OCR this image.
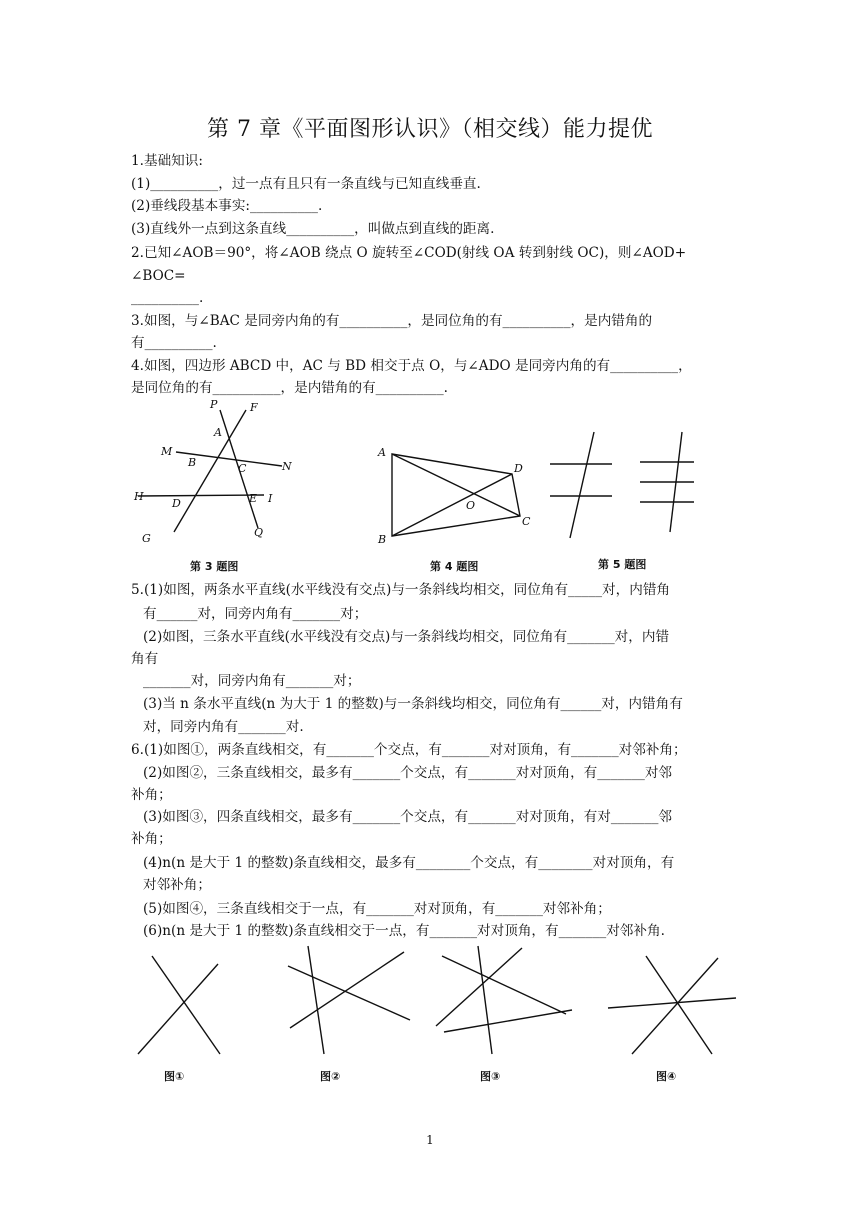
第 7 章《平面图形认识》（相交线）能力提优
1.基础知识:
(1)__________，过一点有且只有一条直线与已知直线垂直.
(2)垂线段基本事实:__________.
(3)直线外一点到这条直线__________，叫做点到直线的距离.
2.已知∠AOB＝90°，将∠AOB 绕点 O 旋转至∠COD(射线 OA 转到射线 OC)，则∠AOD+
∠BOC=
__________.
3.如图，与∠BAC 是同旁内角的有__________，是同位角的有__________，是内错角的
有__________.
4.如图，四边形 ABCD 中，AC 与 BD 相交于点 O，与∠ADO 是同旁内角的有__________，
是同位角的有__________，是内错角的有__________.
P	F
A
M
B	C	N
H
D	E I
G	Q
第 3 题图
A
D
O
C
B
第 4 题图	第 5 题图
5.(1)如图，两条水平直线(水平线没有交点)与一条斜线均相交，同位角有_____对，内错角
有______对，同旁内角有_______对；
(2)如图，三条水平直线(水平线没有交点)与一条斜线均相交，同位角有_______对，内错
角有
_______对，同旁内角有_______对；
(3)当 n 条水平直线(n 为大于 1 的整数)与一条斜线均相交，同位角有______对，内错角有
对，同旁内角有_______对.
6.(1)如图①，两条直线相交，有_______个交点，有_______对对顶角，有_______对邻补角；
(2)如图②，三条直线相交，最多有_______个交点，有_______对对顶角，有_______对邻
补角；
(3)如图③，四条直线相交，最多有_______个交点，有_______对对顶角，有对_______邻
补角；
(4)n(n 是大于 1 的整数)条直线相交，最多有________个交点，有________对对顶角，有
对邻补角；
(5)如图④，三条直线相交于一点，有_______对对顶角，有_______对邻补角；
(6)n(n 是大于 1 的整数)条直线相交于一点，有_______对对顶角，有_______对邻补角.
图①	图②	图③	图④
1
